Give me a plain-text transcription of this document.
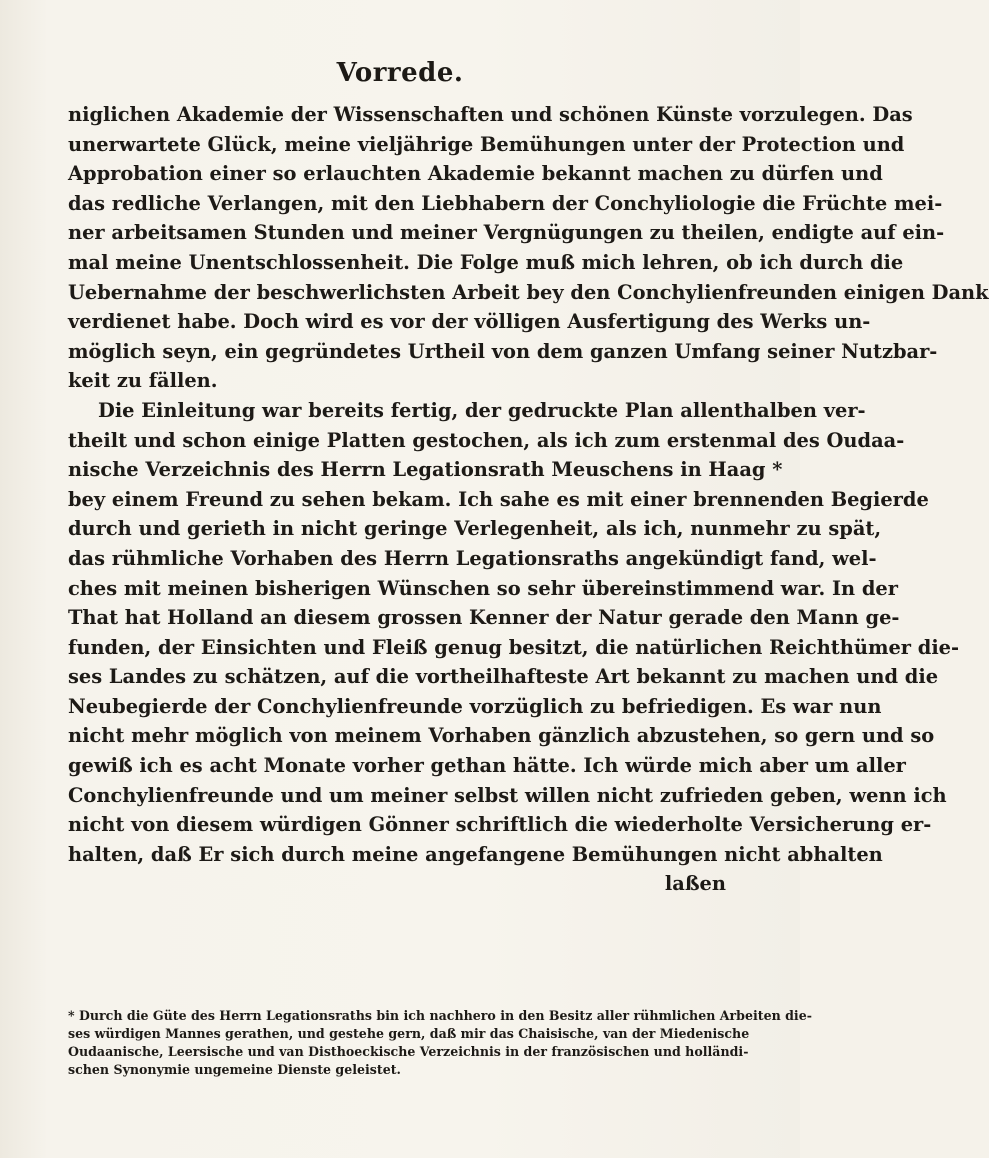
Vorrede.
niglichen Akademie der Wissenschaften und schönen Künste vorzulegen. Das
unerwartete Glück, meine vieljährige Bemühungen unter der Protection und
Approbation einer so erlauchten Akademie bekannt machen zu dürfen und
das redliche Verlangen, mit den Liebhabern der Conchyliologie die Früchte mei-
ner arbeitsamen Stunden und meiner Vergnügungen zu theilen, endigte auf ein-
mal meine Unentschlossenheit. Die Folge muß mich lehren, ob ich durch die
Uebernahme der beschwerlichsten Arbeit bey den Conchylienfreunden einigen Dank
verdienet habe. Doch wird es vor der völligen Ausfertigung des Werks un-
möglich seyn, ein gegründetes Urtheil von dem ganzen Umfang seiner Nutzbar-
keit zu fällen.
Die Einleitung war bereits fertig, der gedruckte Plan allenthalben ver-
theilt und schon einige Platten gestochen, als ich zum erstenmal des Oudaa-
nische Verzeichnis des Herrn Legationsrath Meuschens in Haag *
bey einem Freund zu sehen bekam. Ich sahe es mit einer brennenden Begierde
durch und gerieth in nicht geringe Verlegenheit, als ich, nunmehr zu spät,
das rühmliche Vorhaben des Herrn Legationsraths angekündigt fand, wel-
ches mit meinen bisherigen Wünschen so sehr übereinstimmend war. In der
That hat Holland an diesem grossen Kenner der Natur gerade den Mann ge-
funden, der Einsichten und Fleiß genug besitzt, die natürlichen Reichthümer die-
ses Landes zu schätzen, auf die vortheilhafteste Art bekannt zu machen und die
Neubegierde der Conchylienfreunde vorzüglich zu befriedigen. Es war nun
nicht mehr möglich von meinem Vorhaben gänzlich abzustehen, so gern und so
gewiß ich es acht Monate vorher gethan hätte. Ich würde mich aber um aller
Conchylienfreunde und um meiner selbst willen nicht zufrieden geben, wenn ich
nicht von diesem würdigen Gönner schriftlich die wiederholte Versicherung er-
halten, daß Er sich durch meine angefangene Bemühungen nicht abhalten
laßen
* Durch die Güte des Herrn Legationsraths bin ich nachhero in den Besitz aller rühmlichen Arbeiten die-
ses würdigen Mannes gerathen, und gestehe gern, daß mir das Chaisische, van der Miedenische
Oudaanische, Leersische und van Disthoeckische Verzeichnis in der französischen und holländi-
schen Synonymie ungemeine Dienste geleistet.
